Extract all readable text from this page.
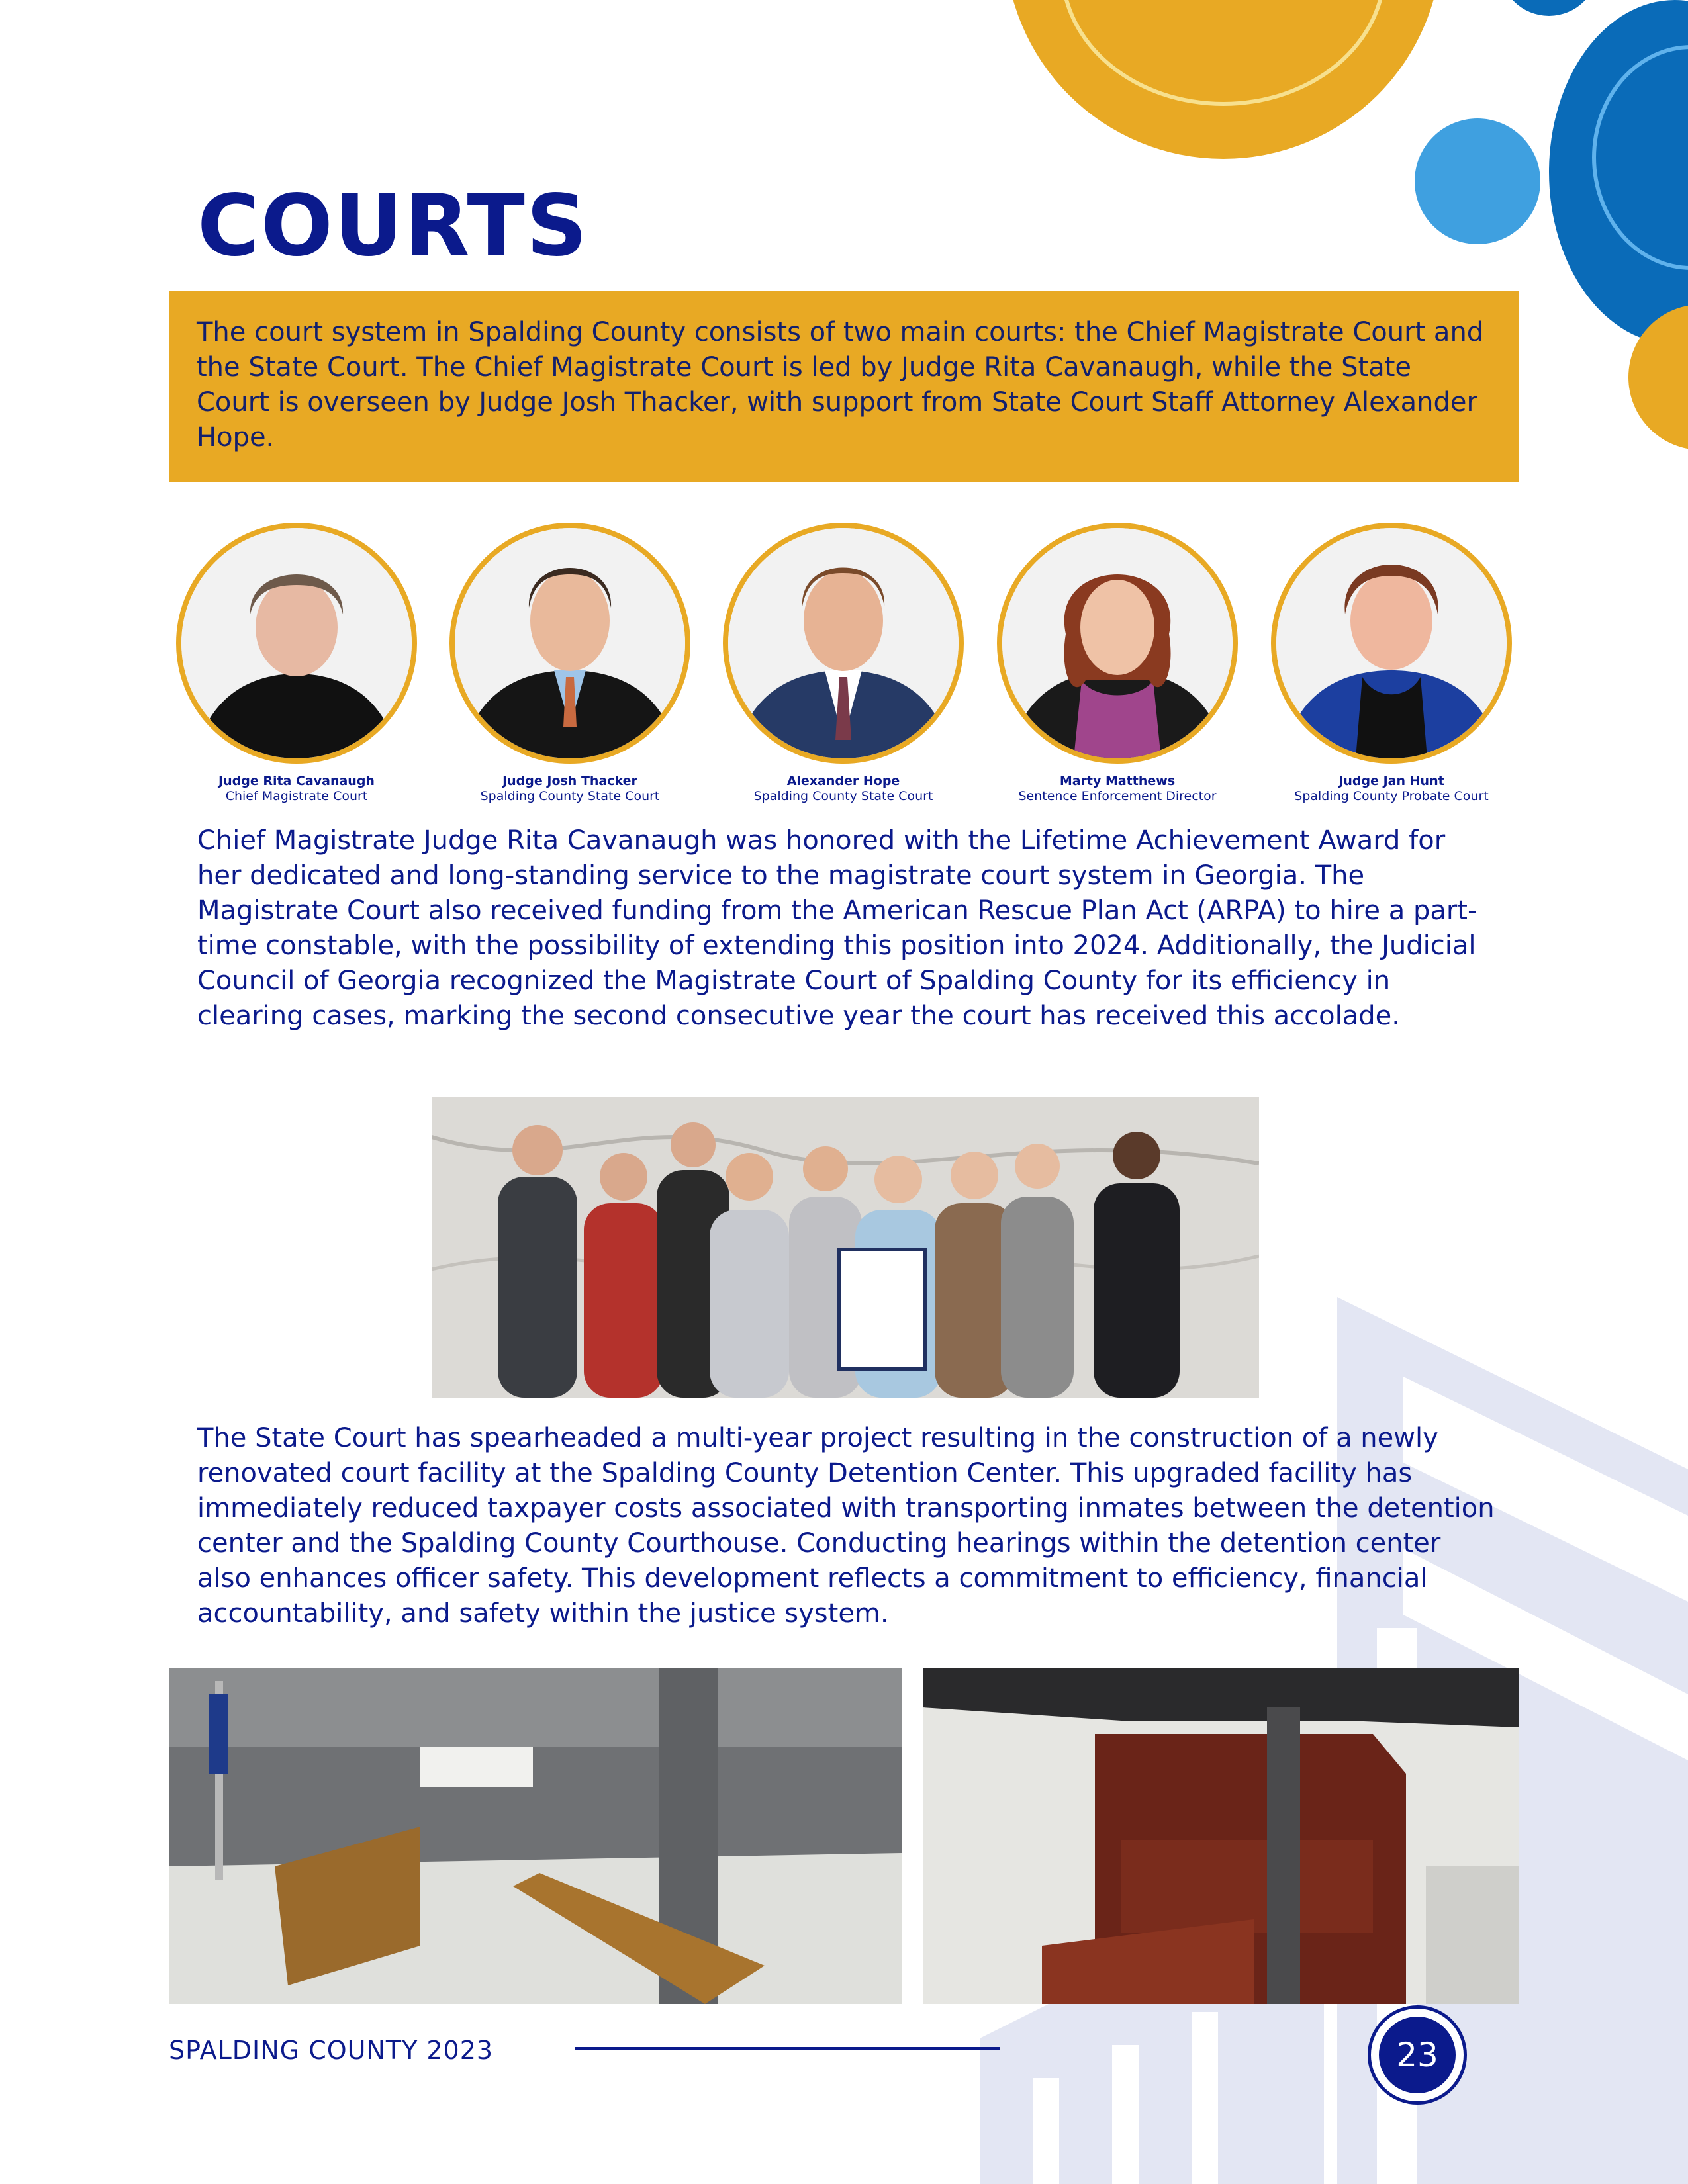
COURTS

The court system in Spalding County consists of two main courts: the Chief Magistrate Court and the State Court. The Chief Magistrate Court is led by Judge Rita Cavanaugh, while the State Court is overseen by Judge Josh Thacker, with support from State Court Staff Attorney Alexander Hope.

Judge Rita Cavanaugh
Chief Magistrate Court
Judge Josh Thacker
Spalding County State Court
Alexander Hope
Spalding County State Court
Marty Matthews
Sentence Enforcement Director
Judge Jan Hunt
Spalding County Probate Court

Chief Magistrate Judge Rita Cavanaugh was honored with the Lifetime Achievement Award for her dedicated and long-standing service to the magistrate court system in Georgia. The Magistrate Court also received funding from the American Rescue Plan Act (ARPA) to hire a part-time constable, with the possibility of extending this position into 2024. Additionally, the Judicial Council of Georgia recognized the Magistrate Court of Spalding County for its efficiency in clearing cases, marking the second consecutive year the court has received this accolade.

The State Court has spearheaded a multi-year project resulting in the construction of a newly renovated court facility at the Spalding County Detention Center. This upgraded facility has immediately reduced taxpayer costs associated with transporting inmates between the detention center and the Spalding County Courthouse. Conducting hearings within the detention center also enhances officer safety. This development reflects a commitment to efficiency, financial accountability, and safety within the justice system.

SPALDING COUNTY 2023	23
